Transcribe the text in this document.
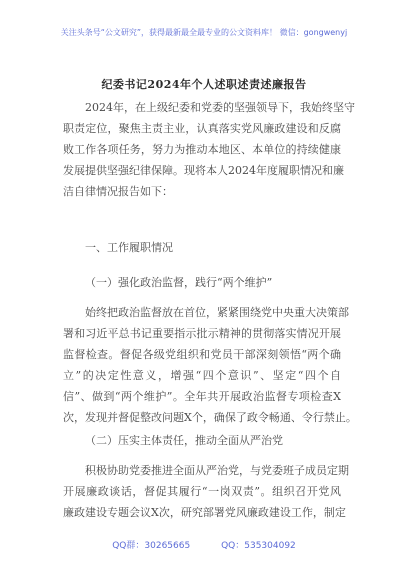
关注头条号“公文研究”，获得最新最全最专业的公文资料库！ 微信：gongwenyj
纪委书记2024年个人述职述责述廉报告
2024年，在上级纪委和党委的坚强领导下，我始终坚守
职责定位，聚焦主责主业，认真落实党风廉政建设和反腐
败工作各项任务，努力为推动本地区、本单位的持续健康
发展提供坚强纪律保障。现将本人2024年度履职情况和廉
洁自律情况报告如下：
一、工作履职情况
（一）强化政治监督，践行“两个维护”
始终把政治监督放在首位，紧紧围绕党中央重大决策部
署和习近平总书记重要指示批示精神的贯彻落实情况开展
监督检查。督促各级党组织和党员干部深刻领悟“两个确
立”的决定性意义，增强“四个意识”、坚定“四个自
信”、做到“两个维护”。全年共开展政治监督专项检查X
次，发现并督促整改问题X个，确保了政令畅通、令行禁止。
（二）压实主体责任，推动全面从严治党
积极协助党委推进全面从严治党，与党委班子成员定期
开展廉政谈话，督促其履行“一岗双责”。组织召开党风
廉政建设专题会议X次，研究部署党风廉政建设工作，制定
QQ群：30265665	QQ：535304092
